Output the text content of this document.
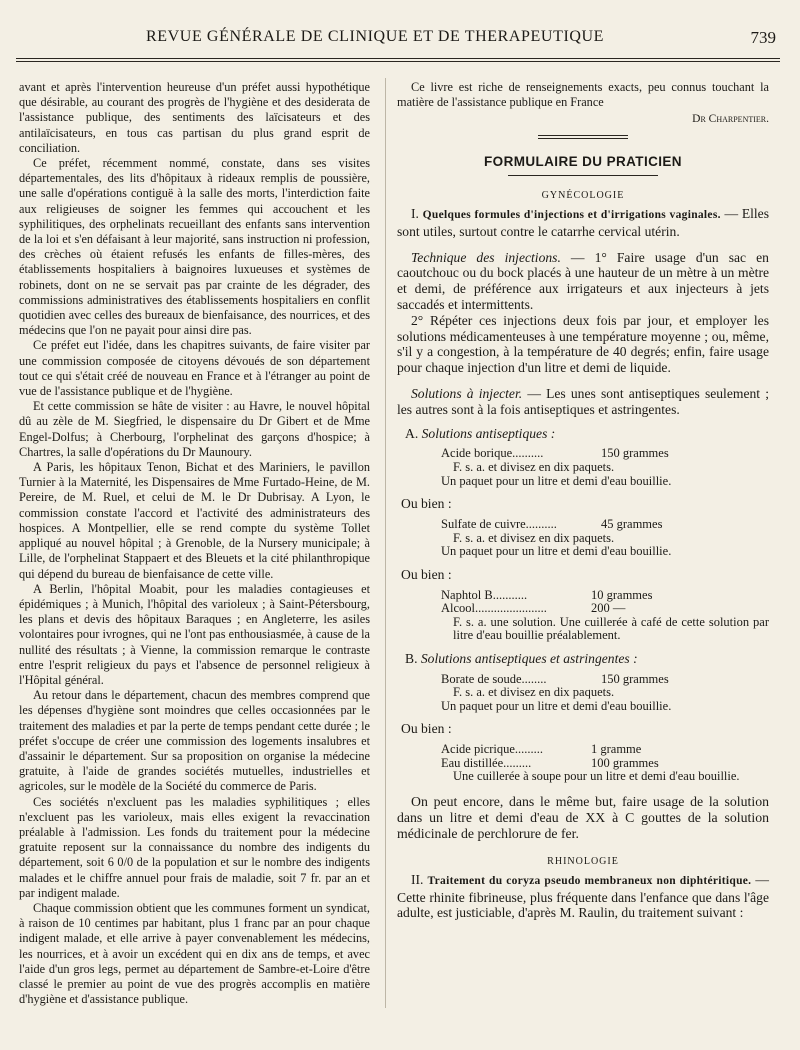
REVUE GÉNÉRALE DE CLINIQUE ET DE THERAPEUTIQUE	739

avant et après l'intervention heureuse d'un préfet aussi hypothétique que désirable, au courant des progrès de l'hygiène et des desiderata de l'assistance publique, des sentiments des laïcisateurs et des antilaïcisateurs, en tous cas partisan du plus grand esprit de conciliation.

Ce préfet, récemment nommé, constate, dans ses visites départementales, des lits d'hôpitaux à rideaux remplis de poussière, une salle d'opérations contiguë à la salle des morts, l'interdiction faite aux religieuses de soigner les femmes qui accouchent et les syphilitiques, des orphelinats recueillant des enfants sans intervention de la loi et s'en défaisant à leur majorité, sans instruction ni profession, des crèches où étaient refusés les enfants de filles-mères, des établissements hospitaliers à baignoires luxueuses et systèmes de robinets, dont on ne se servait pas par crainte de les dégrader, des commissions administratives des établissements hospitaliers en conflit quotidien avec celles des bureaux de bienfaisance, des nourrices, et des médecins que l'on ne payait pour ainsi dire pas.

Ce préfet eut l'idée, dans les chapitres suivants, de faire visiter par une commission composée de citoyens dévoués de son département tout ce qui s'était créé de nouveau en France et à l'étranger au point de vue de l'assistance publique et de l'hygiène.

Et cette commission se hâte de visiter : au Havre, le nouvel hôpital dû au zèle de M. Siegfried, le dispensaire du Dr Gibert et de Mme Engel-Dolfus; à Cherbourg, l'orphelinat des garçons d'hospice; à Chartres, la salle d'opérations du Dr Maunoury.

A Paris, les hôpitaux Tenon, Bichat et des Mariniers, le pavillon Turnier à la Maternité, les Dispensaires de Mme Furtado-Heine, de M. Pereire, de M. Ruel, et celui de M. le Dr Dubrisay. A Lyon, le commission constate l'accord et l'activité des administrateurs des hospices. A Montpellier, elle se rend compte du système Tollet appliqué au nouvel hôpital ; à Grenoble, de la Nursery municipale; à Lille, de l'orphelinat Stappaert et des Bleuets et la cité philanthropique qui dépend du bureau de bienfaisance de cette ville.

A Berlin, l'hôpital Moabit, pour les maladies contagieuses et épidémiques ; à Munich, l'hôpital des varioleux ; à Saint-Pétersbourg, les plans et devis des hôpitaux Baraques ; en Angleterre, les asiles volontaires pour ivrognes, qui ne l'ont pas enthousiasmée, à cause de la nullité des résultats ; à Vienne, la commission remarque le contraste entre l'esprit religieux du pays et l'absence de personnel religieux à l'Hôpital général.

Au retour dans le département, chacun des membres comprend que les dépenses d'hygiène sont moindres que celles occasionnées par le traitement des maladies et par la perte de temps pendant cette durée ; le préfet s'occupe de créer une commission des logements insalubres et d'assainir le département. Sur sa proposition on organise la médecine gratuite, à l'aide de grandes sociétés mutuelles, industrielles et agricoles, sur le modèle de la Société du commerce de Paris.

Ces sociétés n'excluent pas les maladies syphilitiques ; elles n'excluent pas les varioleux, mais elles exigent la revaccination préalable à l'admission. Les fonds du traitement pour la médecine gratuite reposent sur la connaissance du nombre des indigents du département, soit 6 0/0 de la population et sur le nombre des indigents malades et le chiffre annuel pour frais de maladie, soit 7 fr. par an et par indigent malade.

Chaque commission obtient que les communes forment un syndicat, à raison de 10 centimes par habitant, plus 1 franc par an pour chaque indigent malade, et elle arrive à payer convenablement les médecins, les nourrices, et à avoir un excédent qui en dix ans de temps, et avec l'aide d'un gros legs, permet au département de Sambre-et-Loire d'être classé le premier au point de vue des progrès accomplis en matière d'hygiène et d'assistance publique.

Ce livre est riche de renseignements exacts, peu connus touchant la matière de l'assistance publique en France

Dr Charpentier.

FORMULAIRE DU PRATICIEN
GYNÉCOLOGIE

I. Quelques formules d'injections et d'irrigations vaginales. — Elles sont utiles, surtout contre le catarrhe cervical utérin.

Technique des injections. — 1° Faire usage d'un sac en caoutchouc ou du bock placés à une hauteur de un mètre à un mètre et demi, de préférence aux irrigateurs et aux injecteurs à jets saccadés et intermittents.

2° Répéter ces injections deux fois par jour, et employer les solutions médicamenteuses à une température moyenne ; ou, même, s'il y a congestion, à la température de 40 degrés; enfin, faire usage pour chaque injection d'un litre et demi de liquide.

Solutions à injecter. — Les unes sont antiseptiques seulement ; les autres sont à la fois antiseptiques et astringentes.

A. Solutions antiseptiques :

Acide borique..........	150 grammes
F. s. a. et divisez en dix paquets.
Un paquet pour un litre et demi d'eau bouillie.

Ou bien :

Sulfate de cuivre..........	45 grammes
F. s. a. et divisez en dix paquets.
Un paquet pour un litre et demi d'eau bouillie.

Ou bien :

Naphtol B...........	10 grammes
Alcool.......................	200 —
F. s. a. une solution. Une cuillerée à café de cette solution par litre d'eau bouillie préalablement.

B. Solutions antiseptiques et astringentes :

Borate de soude........	150 grammes
F. s. a. et divisez en dix paquets.
Un paquet pour un litre et demi d'eau bouillie.

Ou bien :

Acide picrique.........	1 gramme
Eau distillée.........	100 grammes
Une cuillerée à soupe pour un litre et demi d'eau bouillie.

On peut encore, dans le même but, faire usage de la solution dans un litre et demi d'eau de XX à C gouttes de la solution médicinale de perchlorure de fer.

RHINOLOGIE

II. Traitement du coryza pseudo membraneux non diphtéritique. — Cette rhinite fibrineuse, plus fréquente dans l'enfance que dans l'âge adulte, est justiciable, d'après M. Raulin, du traitement suivant :
